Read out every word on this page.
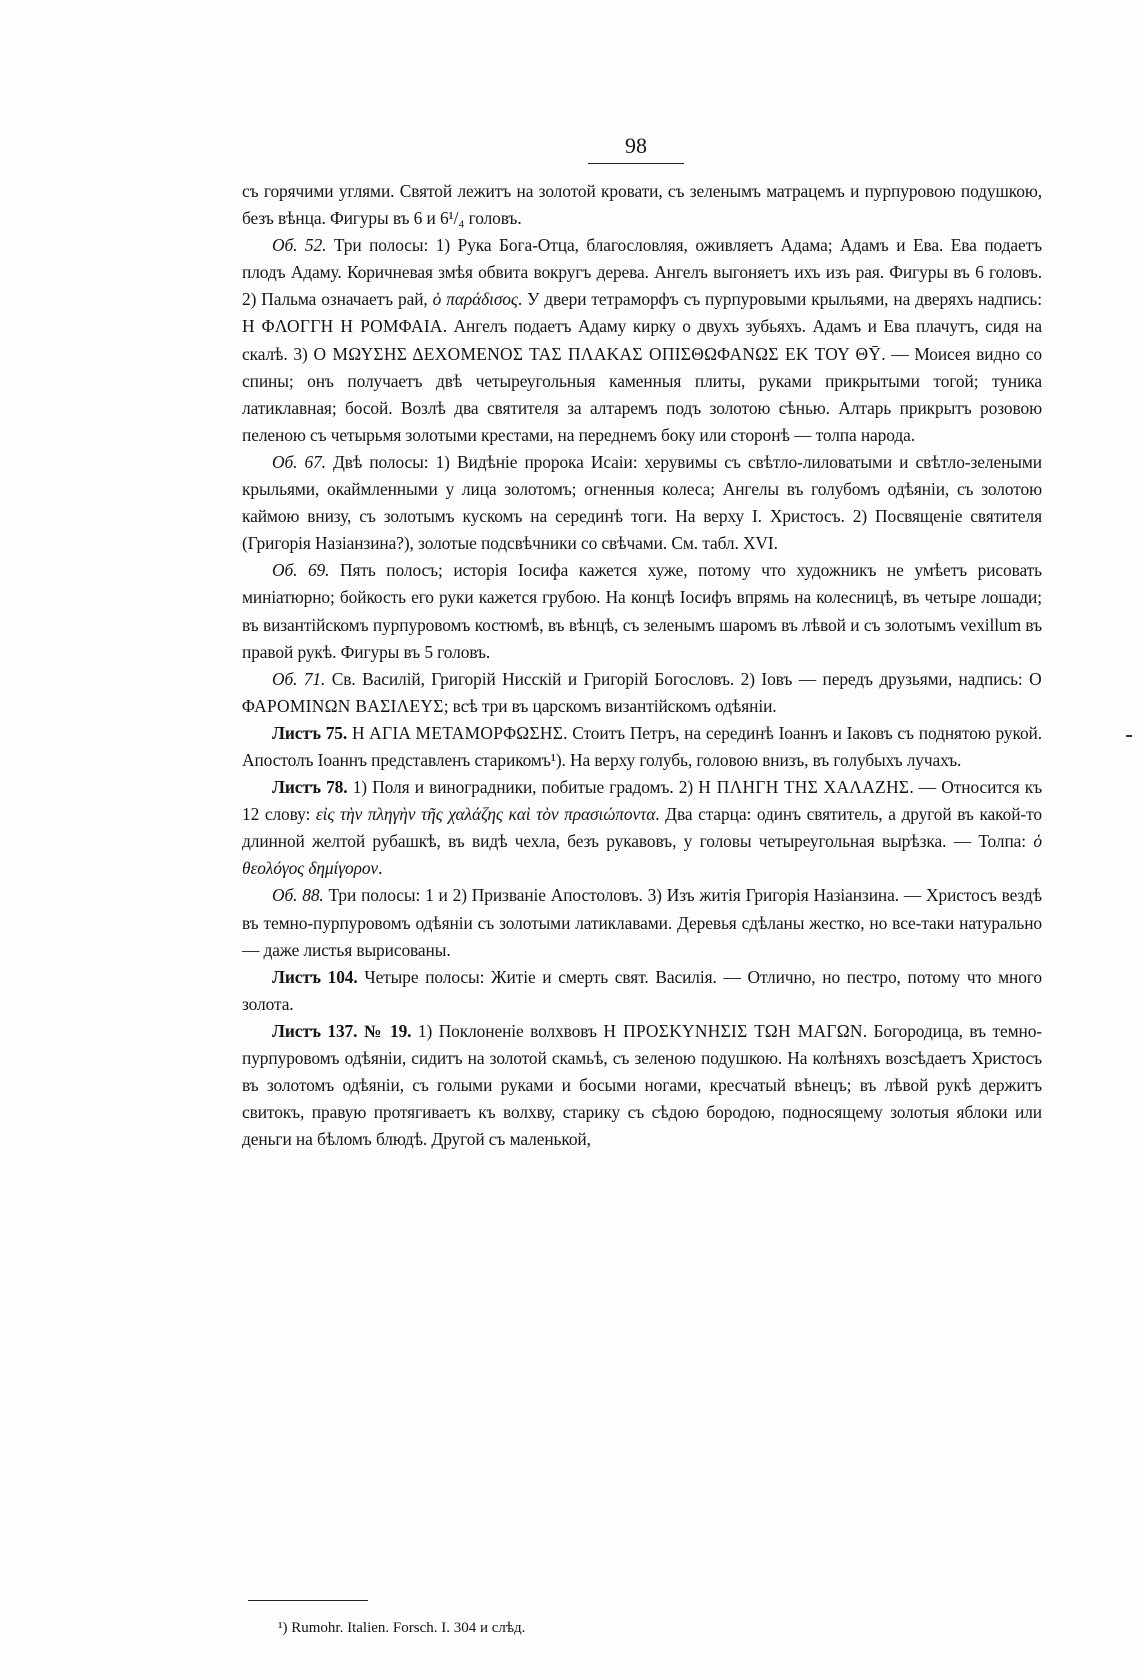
98

съ горячими углями. Святой лежитъ на золотой кровати, съ зеленымъ матрацемъ и пурпуровою подушкою, безъ вѣнца. Фигуры въ 6 и 6¹/₄ головъ.

Об. 52. Три полосы: 1) Рука Бога-Отца, благословляя, оживляетъ Адама; Адамъ и Ева. Ева подаетъ плодъ Адаму. Коричневая змѣя обвита вокругъ дерева. Ангелъ выгоняетъ ихъ изъ рая. Фигуры въ 6 головъ. 2) Пальма означаетъ рай, ὁ παράδισος. У двери тетраморфъ съ пурпуровыми крыльями, на двеpяхъ надпись: Η ΦΛΟΓΓΗ Η ΡΟΜΦΑΙΑ. Ангелъ подаетъ Адаму кирку о двухъ зубьяхъ. Адамъ и Ева плачутъ, сидя на скалѣ. 3) Ο ΜΩΥΣΗΣ ΔΕΧΟΜΕΝΟΣ ΤΑΣ ΠΛΑΚΑΣ ΟΠΙΣΘΩΦΑΝΩΣ ΕΚ ΤΟΥ ΘῩ. — Моисея видно со спины; онъ получаетъ двѣ четыреугольныя каменныя плиты, руками прикрытыми тогой; туника латиклавная; босой. Возлѣ два святителя за алтаремъ подъ золотою сѣнью. Алтарь прикрытъ розовою пеленою съ четырьмя золотыми крестами, на переднемъ боку или сторонѣ — толпа народа.

Об. 67. Двѣ полосы: 1) Видѣніе пророка Исаіи: херувимы съ свѣтло-лиловатыми и свѣтло-зелеными крыльями, окаймленными у лица золотомъ; огненныя колеса; Ангелы въ голубомъ одѣяніи, съ золотою каймою внизу, съ золотымъ кускомъ на серединѣ тоги. На верху І. Христосъ. 2) Посвященіе святителя (Григорія Назіанзина?), золотые подсвѣчники со свѣчами. См. табл. XVI.

Об. 69. Пять полосъ; исторія Іосифа кажется хуже, потому что художникъ не умѣетъ рисовать миніатюрно; бойкость его руки кажется грубою. На концѣ Іосифъ впрямь на колесницѣ, въ четыре лошади; въ византійскомъ пурпуровомъ костюмѣ, въ вѣнцѣ, съ зеленымъ шаромъ въ лѣвой и съ золотымъ vexillum въ правой рукѣ. Фигуры въ 5 головъ.

Об. 71. Св. Василій, Григорій Нисскій и Григорій Богословъ. 2) Іовъ — передъ друзьями, надпись: Ο ΦΑΡΟΜΙΝΩΝ ΒΑΣΙΛΕΥΣ; всѣ три въ царскомъ византійскомъ одѣяніи.

Листъ 75. Η ΑΓΙΑ ΜΕΤΑΜΟΡΦΩΣΗΣ. Стоитъ Петръ, на серединѣ Іоаннъ и Іаковъ съ поднятою рукой. Апостолъ Іоаннъ представленъ старикомъ¹). На верху голубь, головою внизъ, въ голубыхъ лучахъ.

Листъ 78. 1) Поля и виноградники, побитые градомъ. 2) Η ΠΛΗΓΗ ΤΗΣ ΧΑΛΑΖΗΣ. — Относится къ 12 слову: εἰς τὴν πληγὴν τῆς χαλάζης καὶ τὸν πρασιώποντα. Два старца: одинъ святитель, а другой въ какой-то длинной желтой рубашкѣ, въ видѣ чехла, безъ рукавовъ, у головы четыреугольная вырѣзка. — Толпа: ὁ θεολόγος δημίγορον.

Об. 88. Три полосы: 1 и 2) Призваніе Апостоловъ. 3) Изъ житія Григорія Назіанзина. — Христосъ вездѣ въ темно-пурпуровомъ одѣяніи съ золотыми латиклавами. Деревья сдѣланы жестко, но все-таки натурально — даже листья вырисованы.

Листъ 104. Четыре полосы: Житіе и смерть свят. Василія. — Отлично, но пестро, потому что много золота.

Листъ 137. № 19. 1) Поклоненіе волхвовъ Η ΠΡΟΣΚΥΝΗΣΙΣ ΤΩΗ ΜΑΓΩΝ. Богородица, въ темно-пурпуровомъ одѣяніи, сидитъ на золотой скамьѣ, съ зеленою подушкою. На колѣняхъ возсѣдаетъ Христосъ въ золотомъ одѣяніи, съ голыми руками и босыми ногами, кресчатый вѣнецъ; въ лѣвой рукѣ держитъ свитокъ, правую протягиваетъ къ волхву, старику съ сѣдою бородою, подносящему золотыя яблоки или деньги на бѣломъ блюдѣ. Другой съ маленькой,

¹) Rumohr. Italien. Forsch. I. 304 и слѣд.
